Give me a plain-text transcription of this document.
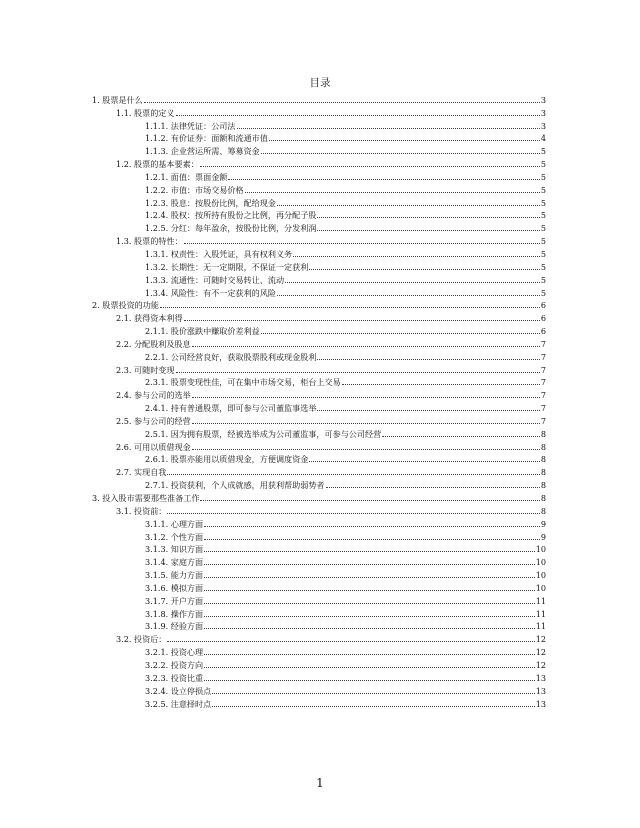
目录
1. 股票是什么	3
1.1. 股票的定义	3
1.1.1. 法律凭证：公司法	3
1.1.2. 有价证券：面额和流通市值	4
1.1.3. 企业营运所需、筹募资金	5
1.2. 股票的基本要素：	5
1.2.1. 面值：票面金额	5
1.2.2. 市值：市场交易价格	5
1.2.3. 股息：按股份比例，配给现金	5
1.2.4. 股权：按所持有股份之比例，再分配子股	5
1.2.5. 分红：每年盈余，按股份比例，分发利润	5
1.3. 股票的特性：	5
1.3.1. 权责性：入股凭证，具有权利义务	5
1.3.2. 长期性：无一定期限，不保证一定获利	5
1.3.3. 流通性：可随时交易转让、流动	5
1.3.4. 风险性：有不一定获利的风险	5
2. 股票投资的功能	6
2.1. 获得资本利得	6
2.1.1. 股价涨跌中赚取价差利益	6
2.2. 分配股利及股息	7
2.2.1. 公司经营良好，获取股票股利或现金股利	7
2.3. 可随时变现	7
2.3.1. 股票变现性佳，可在集中市场交易，柜台上交易	7
2.4. 参与公司的选举	7
2.4.1. 持有普通股票，即可参与公司董监事选举	7
2.5. 参与公司的经营	7
2.5.1. 因为拥有股票，经被选举成为公司董监事，可参与公司经营	8
2.6. 可用以质借现金	8
2.6.1. 股票亦能用以质借现金，方便调度资金	8
2.7. 实现自我	8
2.7.1. 投资获利，个人成就感，用获利帮助弱势者	8
3. 投入股市需要那些准备工作	8
3.1. 投资前：	8
3.1.1. 心理方面	9
3.1.2. 个性方面	9
3.1.3. 知识方面	10
3.1.4. 家庭方面	10
3.1.5. 能力方面	10
3.1.6. 模拟方面	10
3.1.7. 开户方面	11
3.1.8. 操作方面	11
3.1.9. 经验方面	11
3.2. 投资后：	12
3.2.1. 投资心理	12
3.2.2. 投资方向	12
3.2.3. 投资比重	13
3.2.4. 设立停损点	13
3.2.5. 注意择时点	13
1
